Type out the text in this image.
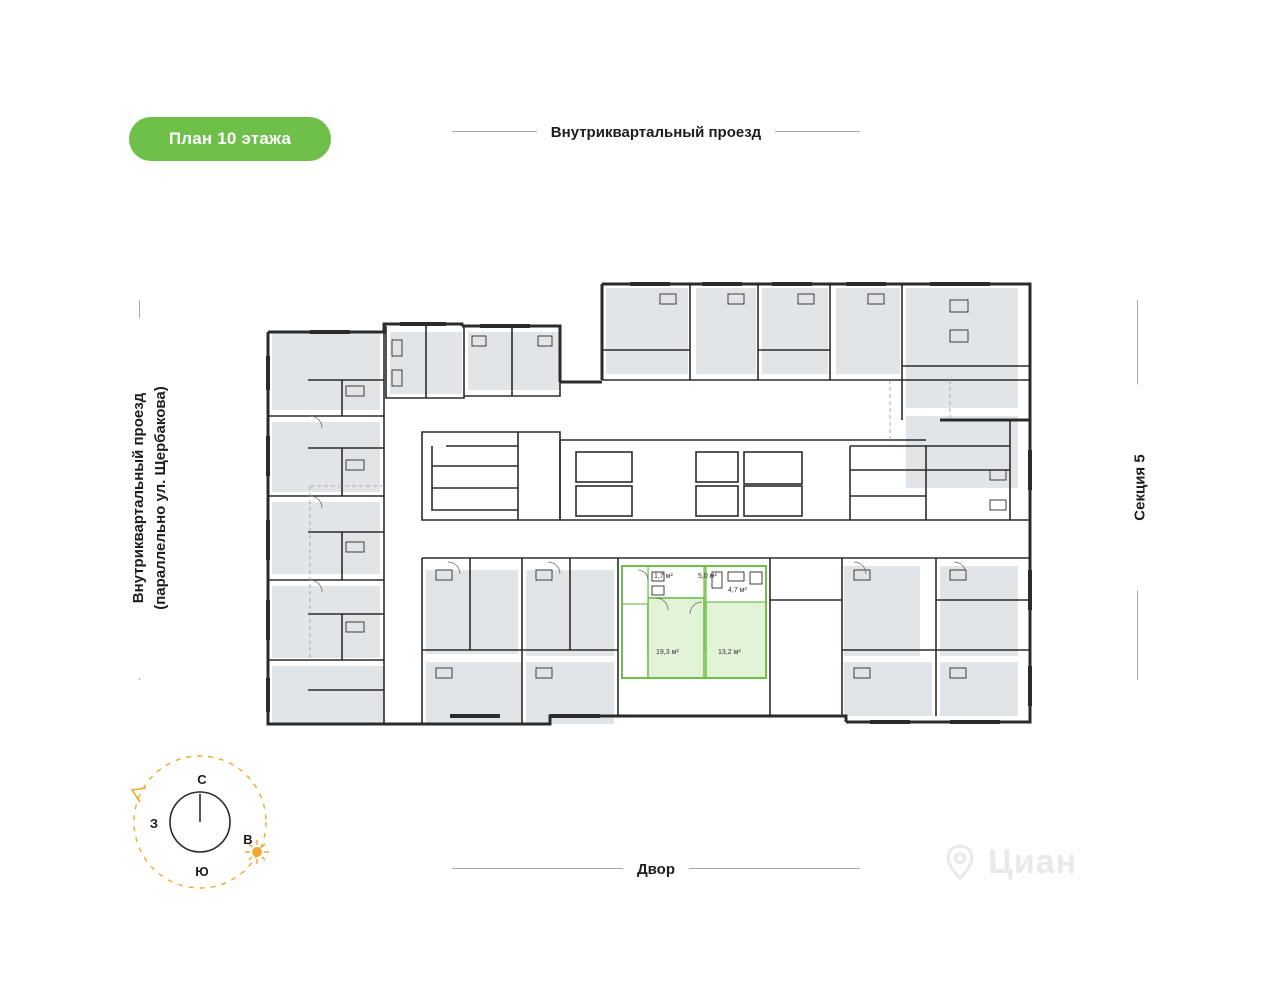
План 10 этажа	Внутриквартальный проезд
Двор
Внутриквартальный проезд (параллельно ул. Щербакова)	Секция 5
1,7 м²	5,0 м²
4,7 м²
19,3 м²	13,2 м²
С
Ю
З
В
Циан
